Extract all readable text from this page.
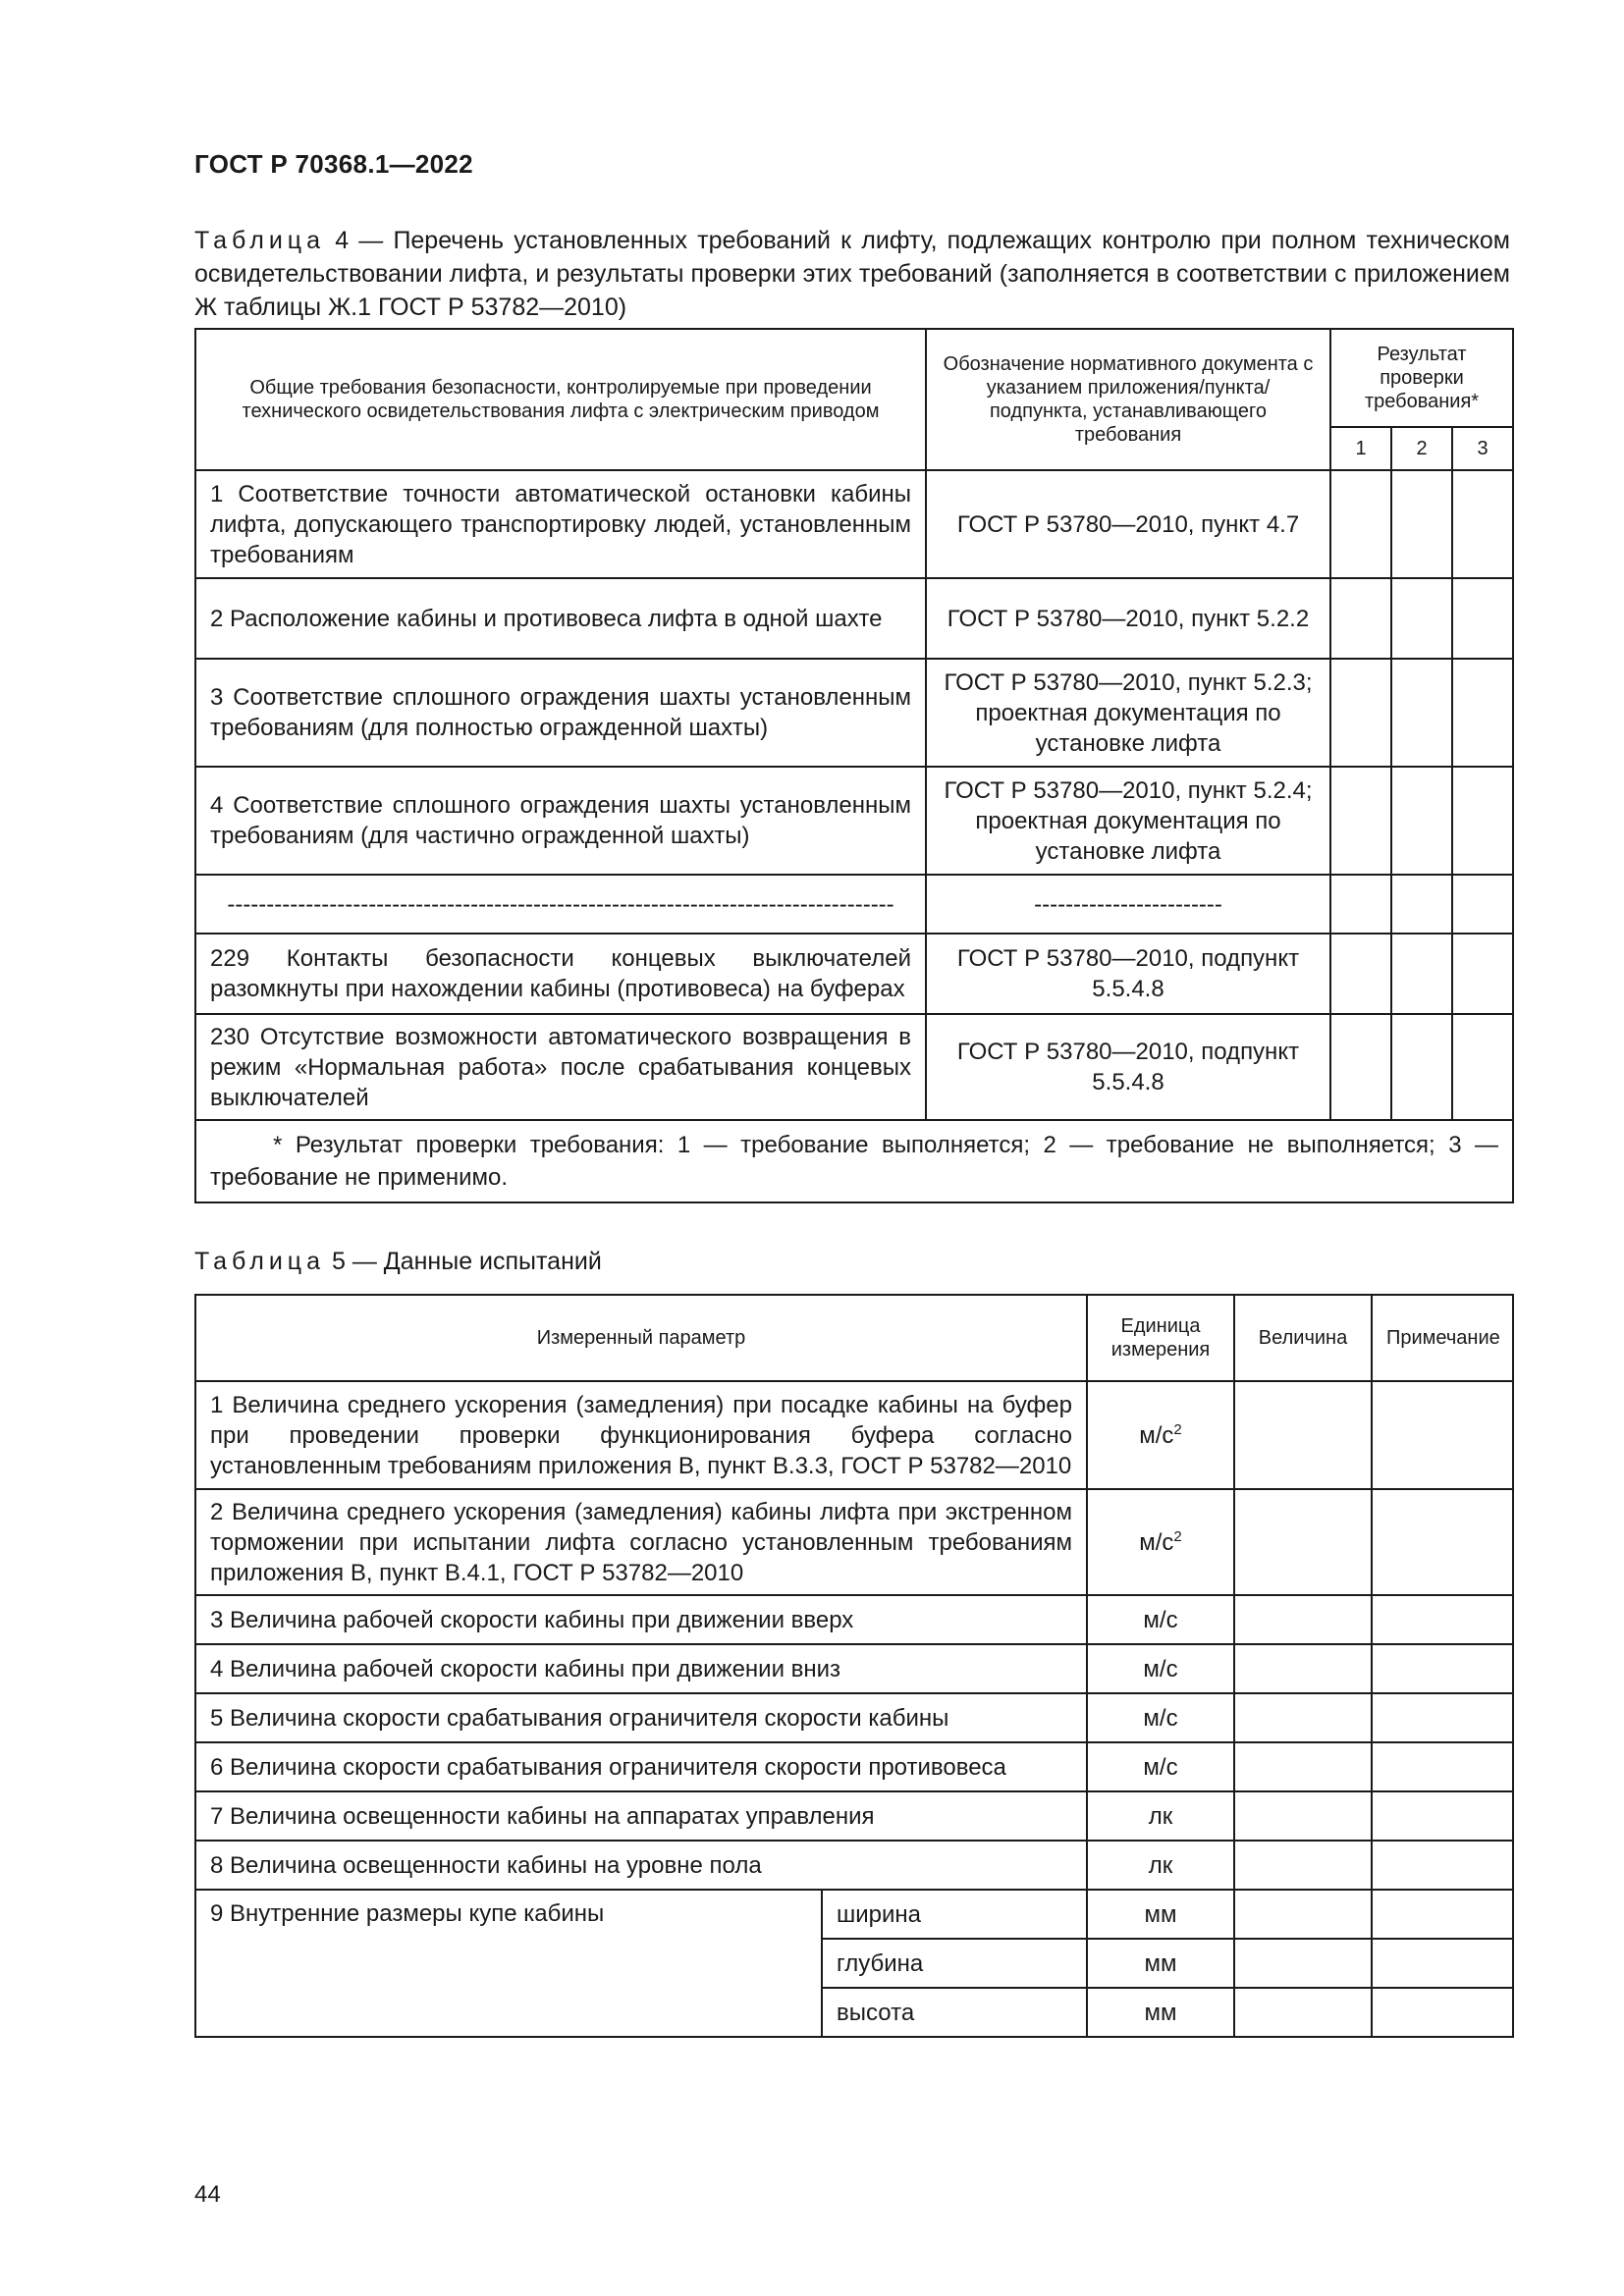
ГОСТ Р 70368.1—2022
Таблица 4 — Перечень установленных требований к лифту, подлежащих контролю при полном техническом освидетельствовании лифта, и результаты проверки этих требований (заполняется в соответствии с приложением Ж таблицы Ж.1 ГОСТ Р 53782—2010)
Общие требования безопасности, контролируемые при проведении технического освидетельствования лифта с электрическим приводом	Обозначение нормативного документа с указанием приложения/пункта/подпункта, устанавливающего требования	Результат проверки требования*		
		1	2	3
1 Соответствие точности автоматической остановки кабины лифта, допускающего транспортировку людей, установленным требованиям	ГОСТ Р 53780—2010, пункт 4.7			
2 Расположение кабины и противовеса лифта в одной шахте	ГОСТ Р 53780—2010, пункт 5.2.2			
3 Соответствие сплошного ограждения шахты установленным требованиям (для полностью огражденной шахты)	ГОСТ Р 53780—2010, пункт 5.2.3; проектная документация по установке лифта			
4 Соответствие сплошного ограждения шахты установленным требованиям (для частично огражденной шахты)	ГОСТ Р 53780—2010, пункт 5.2.4; проектная документация по установке лифта			
-------------------------------------------------------------------------------------	------------------------			
229 Контакты безопасности концевых выключателей разомкнуты при нахождении кабины (противовеса) на буферах	ГОСТ Р 53780—2010, подпункт 5.5.4.8			
230 Отсутствие возможности автоматического возвращения в режим «Нормальная работа» после срабатывания концевых выключателей	ГОСТ Р 53780—2010, подпункт 5.5.4.8			

* Результат проверки требования: 1 — требование выполняется; 2 — требование не выполняется; 3 — требование не применимо.				
Таблица 5 — Данные испытаний
Измеренный параметр		Единица измерения	Величина	Примечание
1 Величина среднего ускорения (замедления) при посадке кабины на буфер при проведении проверки функционирования буфера согласно установленным требованиям приложения В, пункт В.3.3, ГОСТ Р 53782—2010		$м/с^2$		
2 Величина среднего ускорения (замедления) кабины лифта при экстренном торможении при испытании лифта согласно установленным требованиям приложения В, пункт В.4.1, ГОСТ Р 53782—2010		$м/с^2$		
3 Величина рабочей скорости кабины при движении вверх		м/с		
4 Величина рабочей скорости кабины при движении вниз		м/с		
5 Величина скорости срабатывания ограничителя скорости кабины		м/с		
6 Величина скорости срабатывания ограничителя скорости противовеса		м/с		
7 Величина освещенности кабины на аппаратах управления		лк		
8 Величина освещенности кабины на уровне пола		лк		
9 Внутренние размеры купе кабины	ширина	мм		
	глубина	мм		
	высота	мм		
44
